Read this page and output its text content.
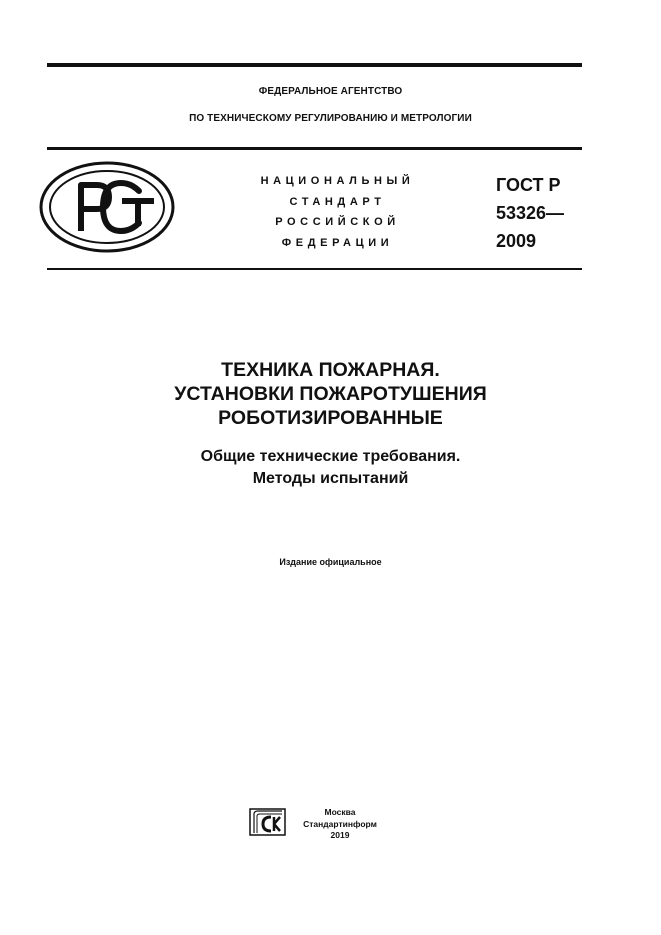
ФЕДЕРАЛЬНОЕ АГЕНТСТВО
ПО ТЕХНИЧЕСКОМУ РЕГУЛИРОВАНИЮ И МЕТРОЛОГИИ
НАЦИОНАЛЬНЫЙ
СТАНДАРТ
РОССИЙСКОЙ
ФЕДЕРАЦИИ
ГОСТ Р
53326—
2009
ТЕХНИКА ПОЖАРНАЯ.
УСТАНОВКИ ПОЖАРОТУШЕНИЯ
РОБОТИЗИРОВАННЫЕ
Общие технические требования.
Методы испытаний
Издание официальное
Москва
Стандартинформ
2019
